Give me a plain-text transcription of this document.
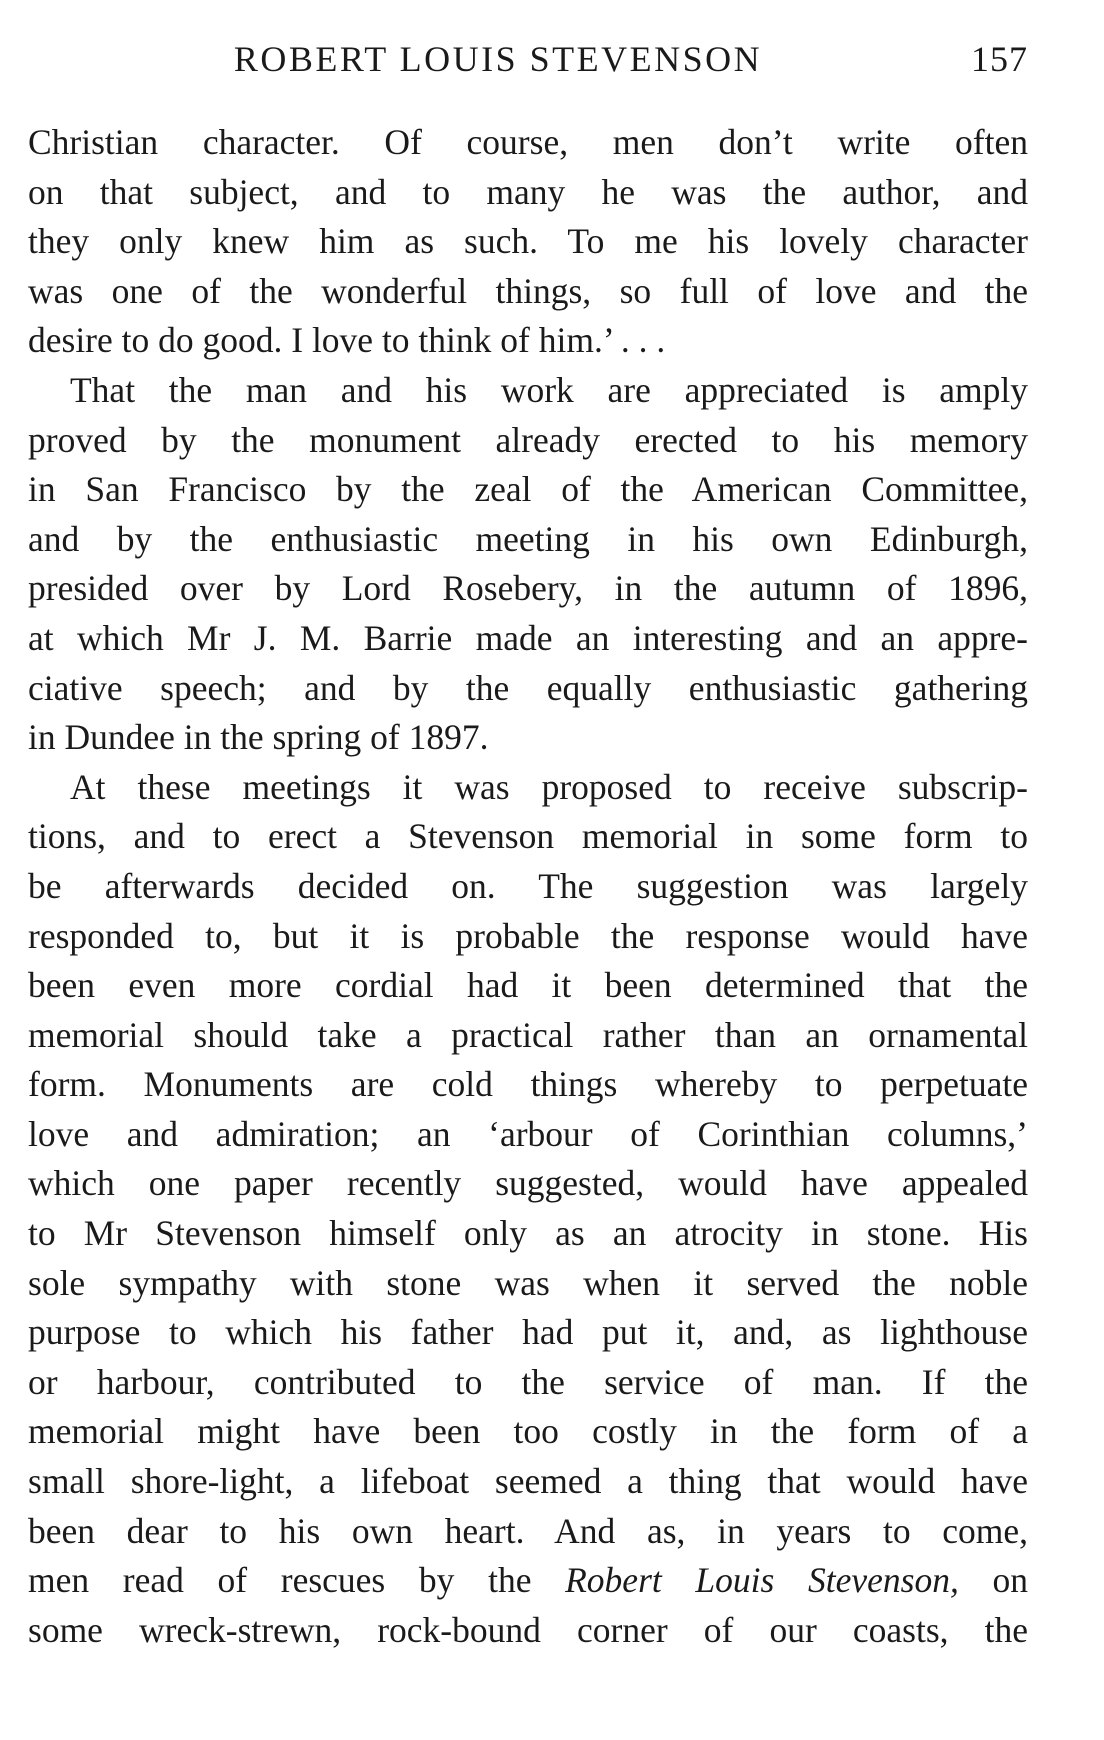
ROBERT LOUIS STEVENSON	157
Christian character. Of course, men don’t write often
on that subject, and to many he was the author, and
they only knew him as such. To me his lovely character
was one of the wonderful things, so full of love and the
desire to do good. I love to think of him.’ . . .
That the man and his work are appreciated is amply
proved by the monument already erected to his memory
in San Francisco by the zeal of the American Committee,
and by the enthusiastic meeting in his own Edinburgh,
presided over by Lord Rosebery, in the autumn of 1896,
at which Mr J. M. Barrie made an interesting and an appre-
ciative speech; and by the equally enthusiastic gathering
in Dundee in the spring of 1897.
At these meetings it was proposed to receive subscrip-
tions, and to erect a Stevenson memorial in some form to
be afterwards decided on. The suggestion was largely
responded to, but it is probable the response would have
been even more cordial had it been determined that the
memorial should take a practical rather than an ornamental
form. Monuments are cold things whereby to perpetuate
love and admiration; an ‘arbour of Corinthian columns,’
which one paper recently suggested, would have appealed
to Mr Stevenson himself only as an atrocity in stone. His
sole sympathy with stone was when it served the noble
purpose to which his father had put it, and, as lighthouse
or harbour, contributed to the service of man. If the
memorial might have been too costly in the form of a
small shore-light, a lifeboat seemed a thing that would have
been dear to his own heart. And as, in years to come,
men read of rescues by the Robert Louis Stevenson, on
some wreck-strewn, rock-bound corner of our coasts, the
